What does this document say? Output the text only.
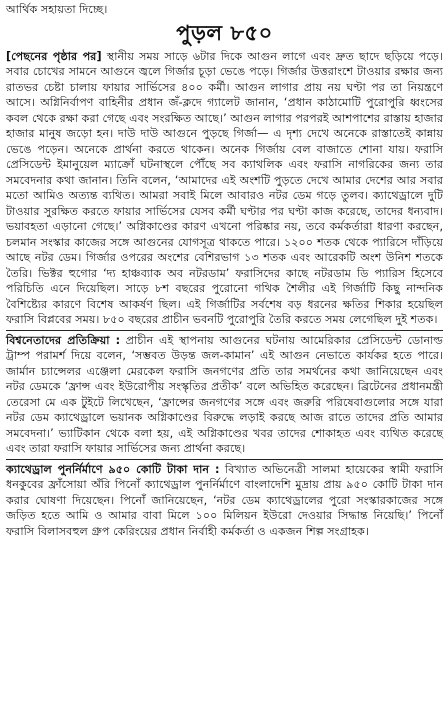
আর্থিক সহায়তা দিচ্ছে।
পুড়ল ৮৫০

[পেছনের পৃষ্ঠার পর] স্থানীয় সময় সাড়ে ৬টার দিকে আগুন লাগে এবং দ্রুত ছাদে ছড়িয়ে পড়ে। সবার চোখের সামনে আগুনে জ্বলে গির্জার চূড়া ভেঙে পড়ে। গির্জার উত্তরাংশে টাওয়ার রক্ষার জন্য রাতভর চেষ্টা চালায় ফায়ার সার্ভিসের ৪০০ কর্মী। আগুন লাগার প্রায় নয় ঘণ্টা পর তা নিয়ন্ত্রণে আসে। অগ্নিনির্বাপণ বাহিনীর প্রধান জঁ-ক্লদে গ্যালেট জানান, ‘প্রধান কাঠামোটি পুরোপুরি ধ্বংসের কবল থেকে রক্ষা করা গেছে এবং সংরক্ষিত আছে।’ আগুন লাগার পরপরই আশপাশের রাস্তায় হাজার হাজার মানুষ জড়ো হন। দাউ দাউ আগুনে পুড়ছে গির্জা— এ দৃশ্য দেখে অনেকে রাস্তাতেই কান্নায় ভেঙে পড়েন। অনেকে প্রার্থনা করতে থাকেন। অনেক গির্জায় বেল বাজাতে শোনা যায়। ফরাসি প্রেসিডেন্ট ইমানুয়েল ম্যাক্রোঁ ঘটনাস্থলে পৌঁছে সব ক্যাথলিক এবং ফরাসি নাগরিকের জন্য তার সমবেদনার কথা জানান। তিনি বলেন, ‘আমাদের এই অংশটি পুড়তে দেখে আমার দেশের আর সবার মতো আমিও অত্যন্ত ব্যথিত। আমরা সবাই মিলে আবারও নটর ডেম গড়ে তুলব। ক্যাথেড্রালে দুটি টাওয়ার সুরক্ষিত করতে ফায়ার সার্ভিসের যেসব কর্মী ঘণ্টার পর ঘণ্টা কাজ করেছে, তাদের ধন্যবাদ। ভয়াবহতা এড়ানো গেছে।’ অগ্নিকাণ্ডের কারণ এখনো পরিষ্কার নয়, তবে কর্মকর্তারা ধারণা করছেন, চলমান সংস্কার কাজের সঙ্গে আগুনের যোগসূত্র থাকতে পারে। ১২০০ শতক থেকে প্যারিসে দাঁড়িয়ে আছে নটর ডেম। গির্জার ওপরের অংশের বেশিরভাগ ১৩ শতক এবং আরেকটি অংশ উনিশ শতকে তৈরি। ভিক্টর হুগোর ‘দ্য হাঞ্চব্যাক অব নটরডাম’ ফরাসিদের কাছে নটরডাম ডি প্যারিস হিসেবে পরিচিতি এনে দিয়েছিল। সাড়ে ৮শ বছরের পুরোনো গথিক শৈলীর এই গির্জাটি কিছু নান্দনিক বৈশিষ্ট্যের কারণে বিশেষ আকর্ষণ ছিল। এই গির্জাটির সর্বশেষ বড় ধরনের ক্ষতির শিকার হয়েছিল ফরাসি বিপ্লবের সময়। ৮৫০ বছরের প্রাচীন ভবনটি পুরোপুরি তৈরি করতে সময় লেগেছিল দুই শতক।

বিশ্বনেতাদের প্রতিক্রিয়া : প্রাচীন এই স্থাপনায় আগুনের ঘটনায় আমেরিকার প্রেসিডেন্ট ডোনাল্ড ট্রাম্প পরামর্শ দিয়ে বলেন, ‘সম্ভবত উড়ন্ত জল-কামান’ এই আগুন নেভাতে কার্যকর হতে পারে। জার্মান চ্যান্সেলর এঞ্জেলা মেরকেল ফরাসি জনগণের প্রতি তার সমর্থনের কথা জানিয়েছেন এবং নটর ডেমকে ‘ফ্রান্স এবং ইউরোপীয় সংস্কৃতির প্রতীক’ বলে অভিহিত করেছেন। ব্রিটেনের প্রধানমন্ত্রী তেরেসা মে এক টুইটে লিখেছেন, ‘ফ্রান্সের জনগণের সঙ্গে এবং জরুরি পরিষেবাগুলোর সঙ্গে যারা নটর ডেম ক্যাথেড্রালে ভয়ানক অগ্নিকাণ্ডের বিরুদ্ধে লড়াই করছে আজ রাতে তাদের প্রতি আমার সমবেদনা।’ ভ্যাটিকান থেকে বলা হয়, এই অগ্নিকাণ্ডের খবর তাদের শোকাহত এবং ব্যথিত করেছে এবং তারা ফরাসি ফায়ার সার্ভিসের জন্য প্রার্থনা করছে।

ক্যাথেড্রাল পুনর্নির্মাণে ৯৫০ কোটি টাকা দান : বিখ্যাত অভিনেত্রী সালমা হায়েকের স্বামী ফরাসি ধনকুবের ফ্রাঁসোয়া অঁরি পিনোঁ ক্যাথেড্রাল পুনর্নির্মাণে বাংলাদেশি মুদ্রায় প্রায় ৯৫০ কোটি টাকা দান করার ঘোষণা দিয়েছেন। পিনোঁ জানিয়েছেন, ‘নটর ডেম ক্যাথেড্রালের পুরো সংস্কারকাজের সঙ্গে জড়িত হতে আমি ও আমার বাবা মিলে ১০০ মিলিয়ন ইউরো দেওয়ার সিদ্ধান্ত নিয়েছি।’ পিনোঁ ফরাসি বিলাসবহুল গ্রুপ কেরিংয়ের প্রধান নির্বাহী কর্মকর্তা ও একজন শিল্প সংগ্রাহক।
